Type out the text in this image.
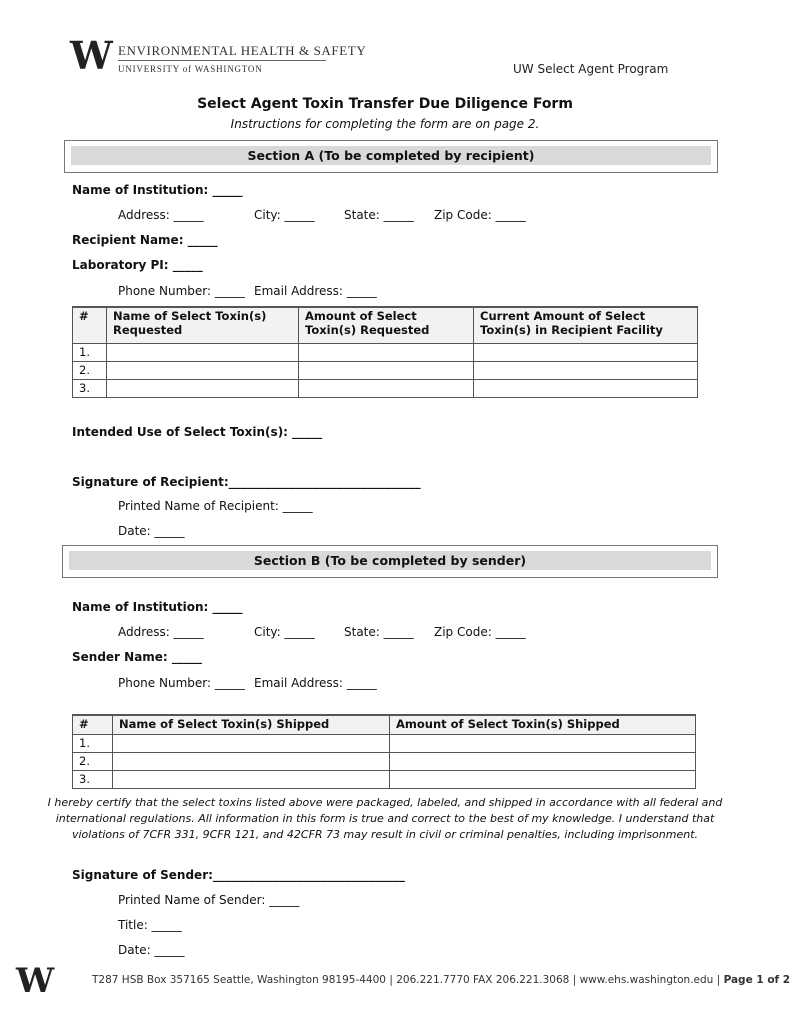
W ENVIRONMENTAL HEALTH & SAFETY
UNIVERSITY of WASHINGTON	UW Select Agent Program
Select Agent Toxin Transfer Due Diligence Form
Instructions for completing the form are on page 2.
Section A (To be completed by recipient)
Name of Institution: _____
Address: _____	City: _____ State: _____ Zip Code: _____
Recipient Name: _____
Laboratory PI: _____
Phone Number: _____ Email Address: _____
#	Name of Select Toxin(s) Requested	Amount of Select Toxin(s) Requested	Current Amount of Select Toxin(s) in Recipient Facility
1.			
2.			
3.			
Intended Use of Select Toxin(s): _____
Signature of Recipient:________________________________
Printed Name of Recipient: _____
Date: _____
Section B (To be completed by sender)
Name of Institution: _____
Address: _____	City: _____ State: _____ Zip Code: _____
Sender Name: _____
Phone Number: _____ Email Address: _____
#	Name of Select Toxin(s) Shipped	Amount of Select Toxin(s) Shipped
1.		
2.		
3.		
I hereby certify that the select toxins listed above were packaged, labeled, and shipped in accordance with all federal and
international regulations. All information in this form is true and correct to the best of my knowledge. I understand that
violations of 7CFR 331, 9CFR 121, and 42CFR 73 may result in civil or criminal penalties, including imprisonment.
Signature of Sender:________________________________
Printed Name of Sender: _____
Title: _____
Date: _____
W	T287 HSB Box 357165 Seattle, Washington 98195-4400 | 206.221.7770 FAX 206.221.3068 | www.ehs.washington.edu | Page 1 of 2
